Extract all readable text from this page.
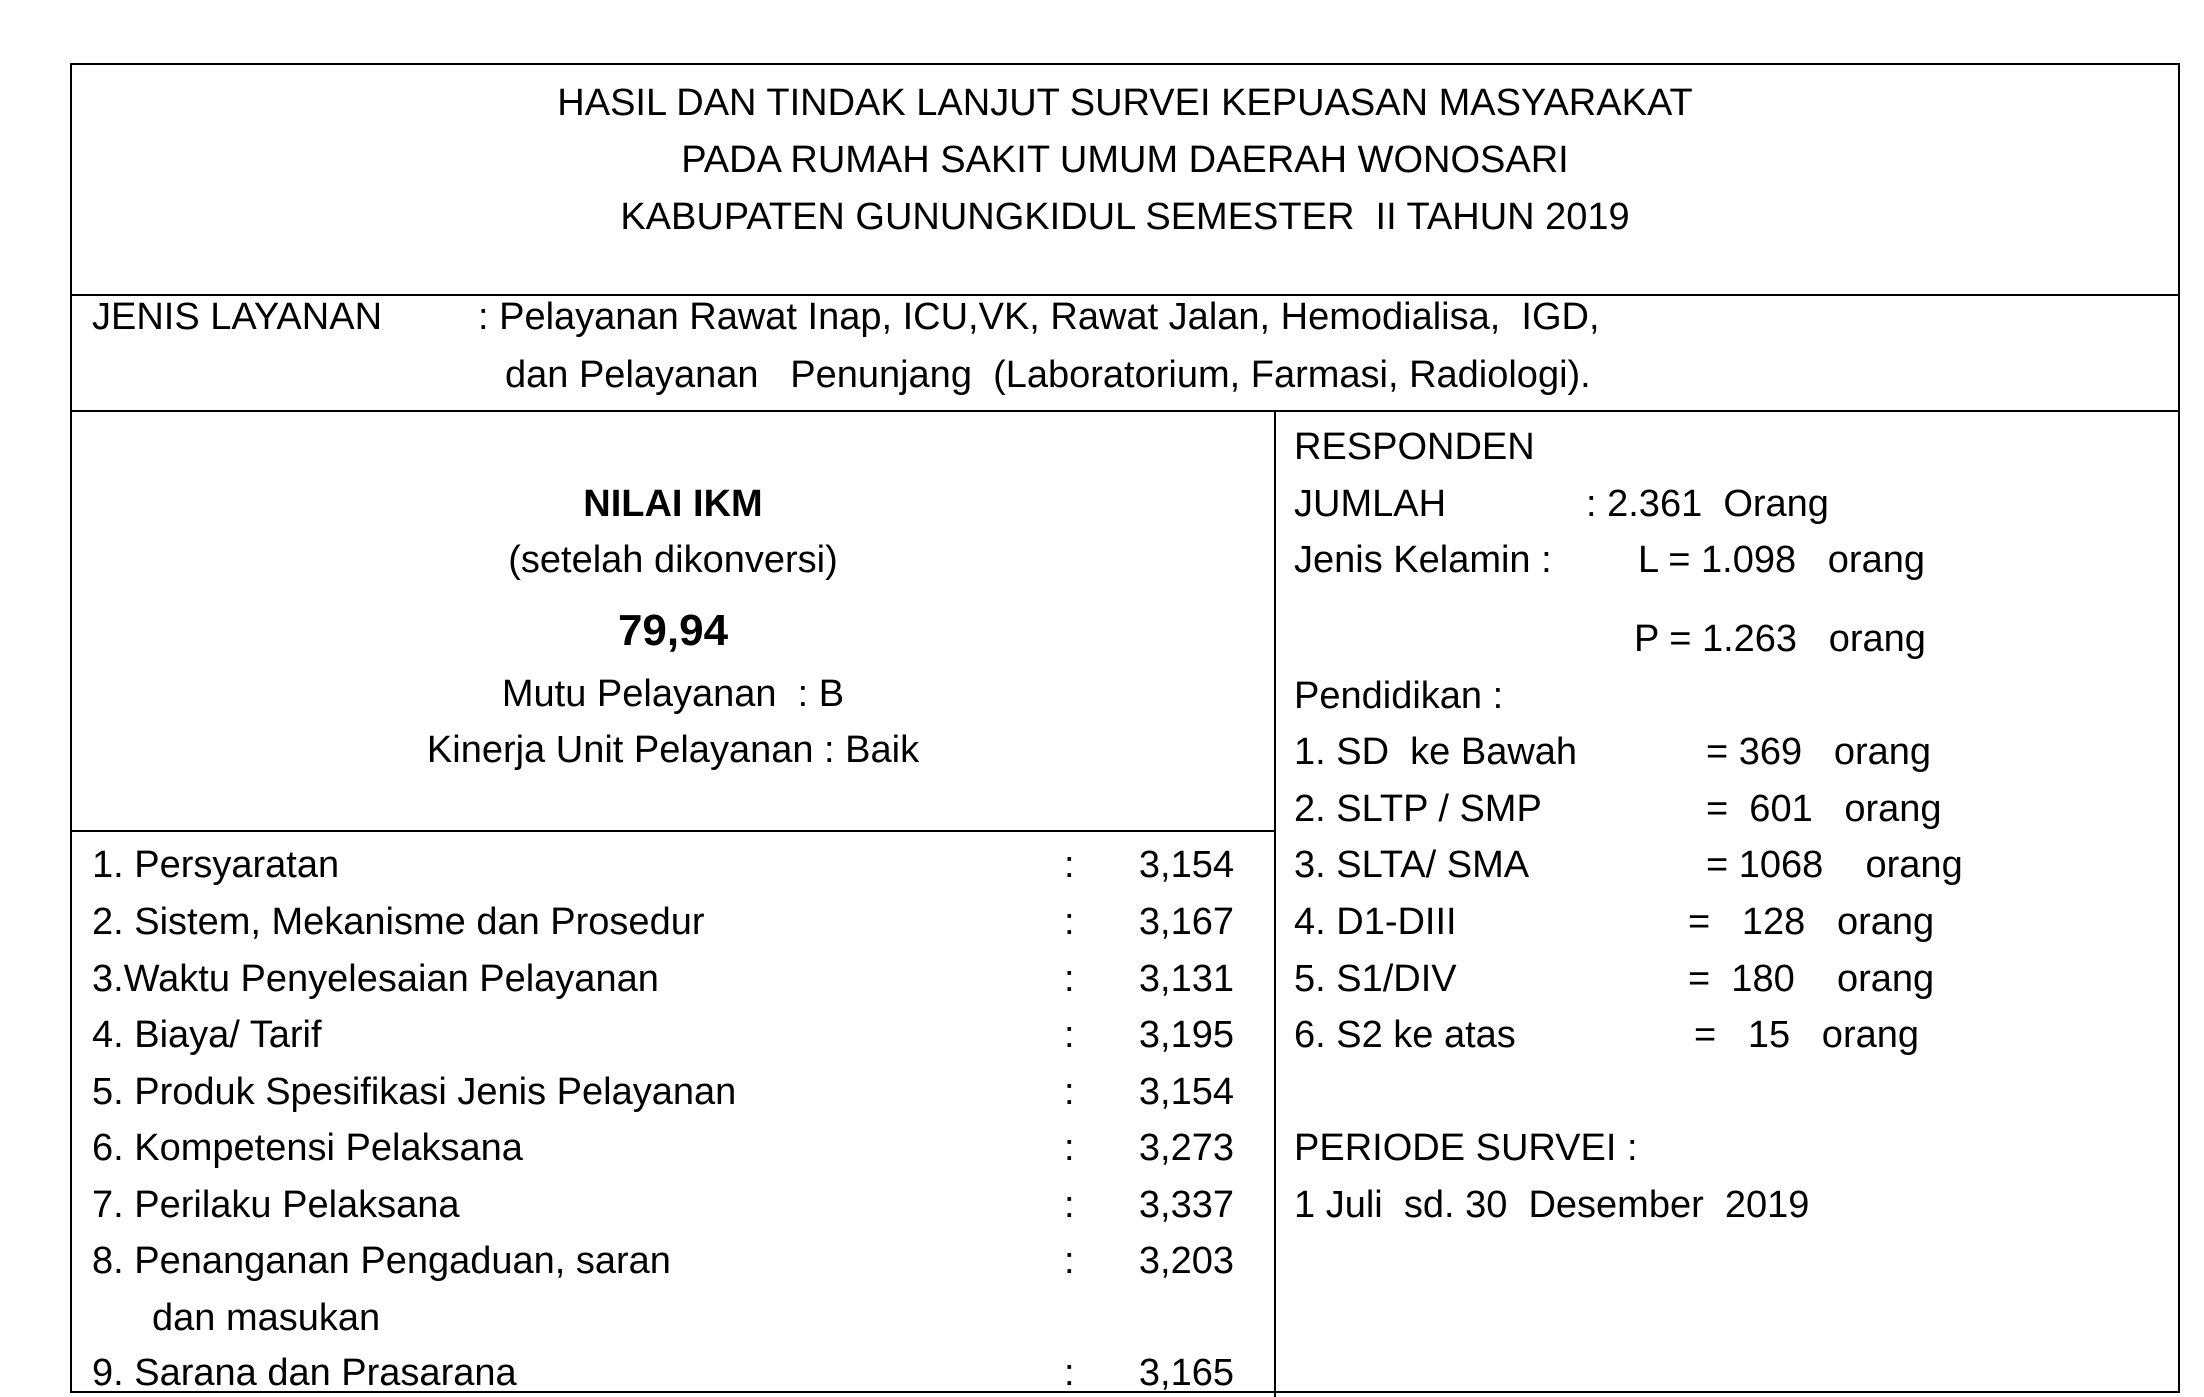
HASIL DAN TINDAK LANJUT SURVEI KEPUASAN MASYARAKAT
PADA RUMAH SAKIT UMUM DAERAH WONOSARI
KABUPATEN GUNUNGKIDUL SEMESTER  II TAHUN 2019
JENIS LAYANAN	: Pelayanan Rawat Inap, ICU,VK, Rawat Jalan, Hemodialisa,  IGD,
dan Pelayanan   Penunjang  (Laboratorium, Farmasi, Radiologi).
NILAI IKM
(setelah dikonversi)
79,94
Mutu Pelayanan  : B
Kinerja Unit Pelayanan : Baik
1. Persyaratan	:	3,154
2. Sistem, Mekanisme dan Prosedur	:	3,167
3.Waktu Penyelesaian Pelayanan	:	3,131
4. Biaya/ Tarif	:	3,195
5. Produk Spesifikasi Jenis Pelayanan	:	3,154
6. Kompetensi Pelaksana	:	3,273
7. Perilaku Pelaksana	:	3,337
8. Penanganan Pengaduan, saran	:	3,203
dan masukan
9. Sarana dan Prasarana	:	3,165
RESPONDEN
JUMLAH	: 2.361  Orang
Jenis Kelamin : L = 1.098   orang
P = 1.263   orang
Pendidikan :
1. SD  ke Bawah	= 369   orang
2. SLTP / SMP	=  601   orang
3. SLTA/ SMA	= 1068    orang
4. D1-DIII	=   128   orang
5. S1/DIV	=  180    orang
6. S2 ke atas	=   15   orang
PERIODE SURVEI :
1 Juli  sd. 30  Desember  2019
